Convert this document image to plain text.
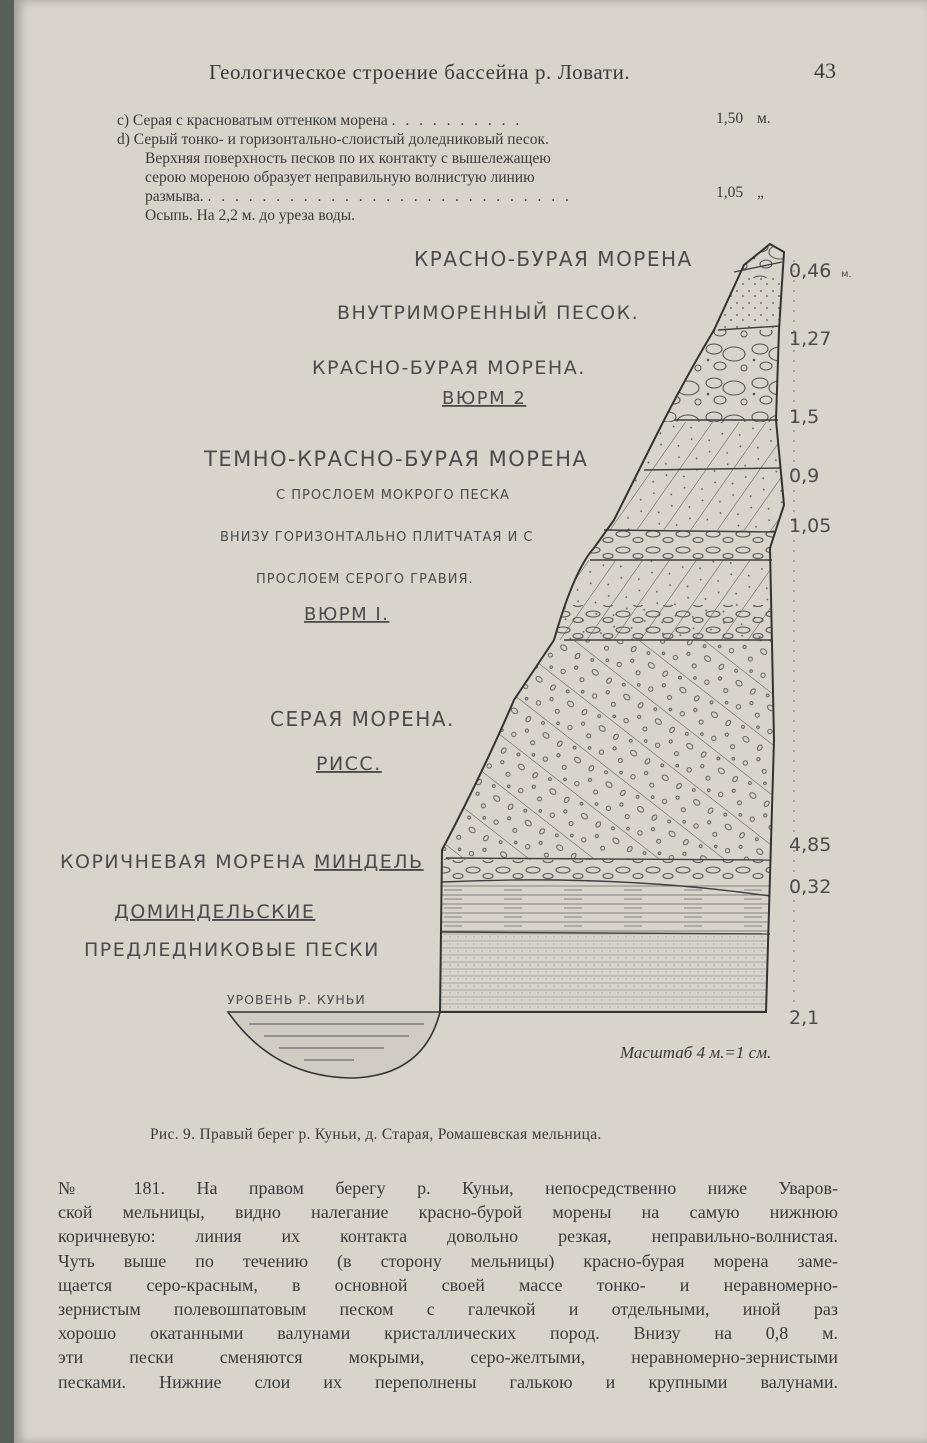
Геологическое строение бассейна р. Ловати.	43
c) Серая с красноватым оттенком морена . . . . . . . . . .	1,50 м.
d) Серый тонко- и горизонтально-слоистый доледниковый песок.
Верхняя поверхность песков по их контакту с вышележащею
серою мореною образует неправильную волнистую линию
размыва. . . . . . . . . . . . . . . . . . . . . . . . . . . .	1,05 „
Осыпь. На 2,2 м. до уреза воды.
КРАСНО-БУРАЯ МОРЕНА
ВНУТРИМОРЕННЫЙ ПЕСОК.
КРАСНО-БУРАЯ МОРЕНА.
ВЮРМ 2
ТЕМНО-КРАСНО-БУРАЯ МОРЕНА
С ПРОСЛОЕМ МОКРОГО ПЕСКА
ВНИЗУ ГОРИЗОНТАЛЬНО ПЛИТЧАТАЯ И С
ПРОСЛОЕМ СЕРОГО ГРАВИЯ.
ВЮРМ I.
СЕРАЯ МОРЕНА.
РИСС.
КОРИЧНЕВАЯ МОРЕНА МИНДЕЛЬ
ДОМИНДЕЛЬСКИЕ
ПРЕДЛЕДНИКОВЫЕ ПЕСКИ
УРОВЕНЬ Р. КУНЬИ
0,46 м.
1,27
1,5
0,9
1,05
4,85
0,32
2,1
Масштаб 4 м.=1 см.
Рис. 9. Правый берег р. Куньи, д. Старая, Ромашевская мельница.
№ 181. На правом берегу р. Куньи, непосредственно ниже Уваров-
ской мельницы, видно налегание красно-бурой морены на самую нижнюю
коричневую: линия их контакта довольно резкая, неправильно-волнистая.
Чуть выше по течению (в сторону мельницы) красно-бурая морена заме-
щается серо-красным, в основной своей массе тонко- и неравномерно-
зернистым полевошпатовым песком с галечкой и отдельными, иной раз
хорошо окатанными валунами кристаллических пород. Внизу на 0,8 м.
эти пески сменяются мокрыми, серо-желтыми, неравномерно-зернистыми
песками. Нижние слои их переполнены галькою и крупными валунами.
